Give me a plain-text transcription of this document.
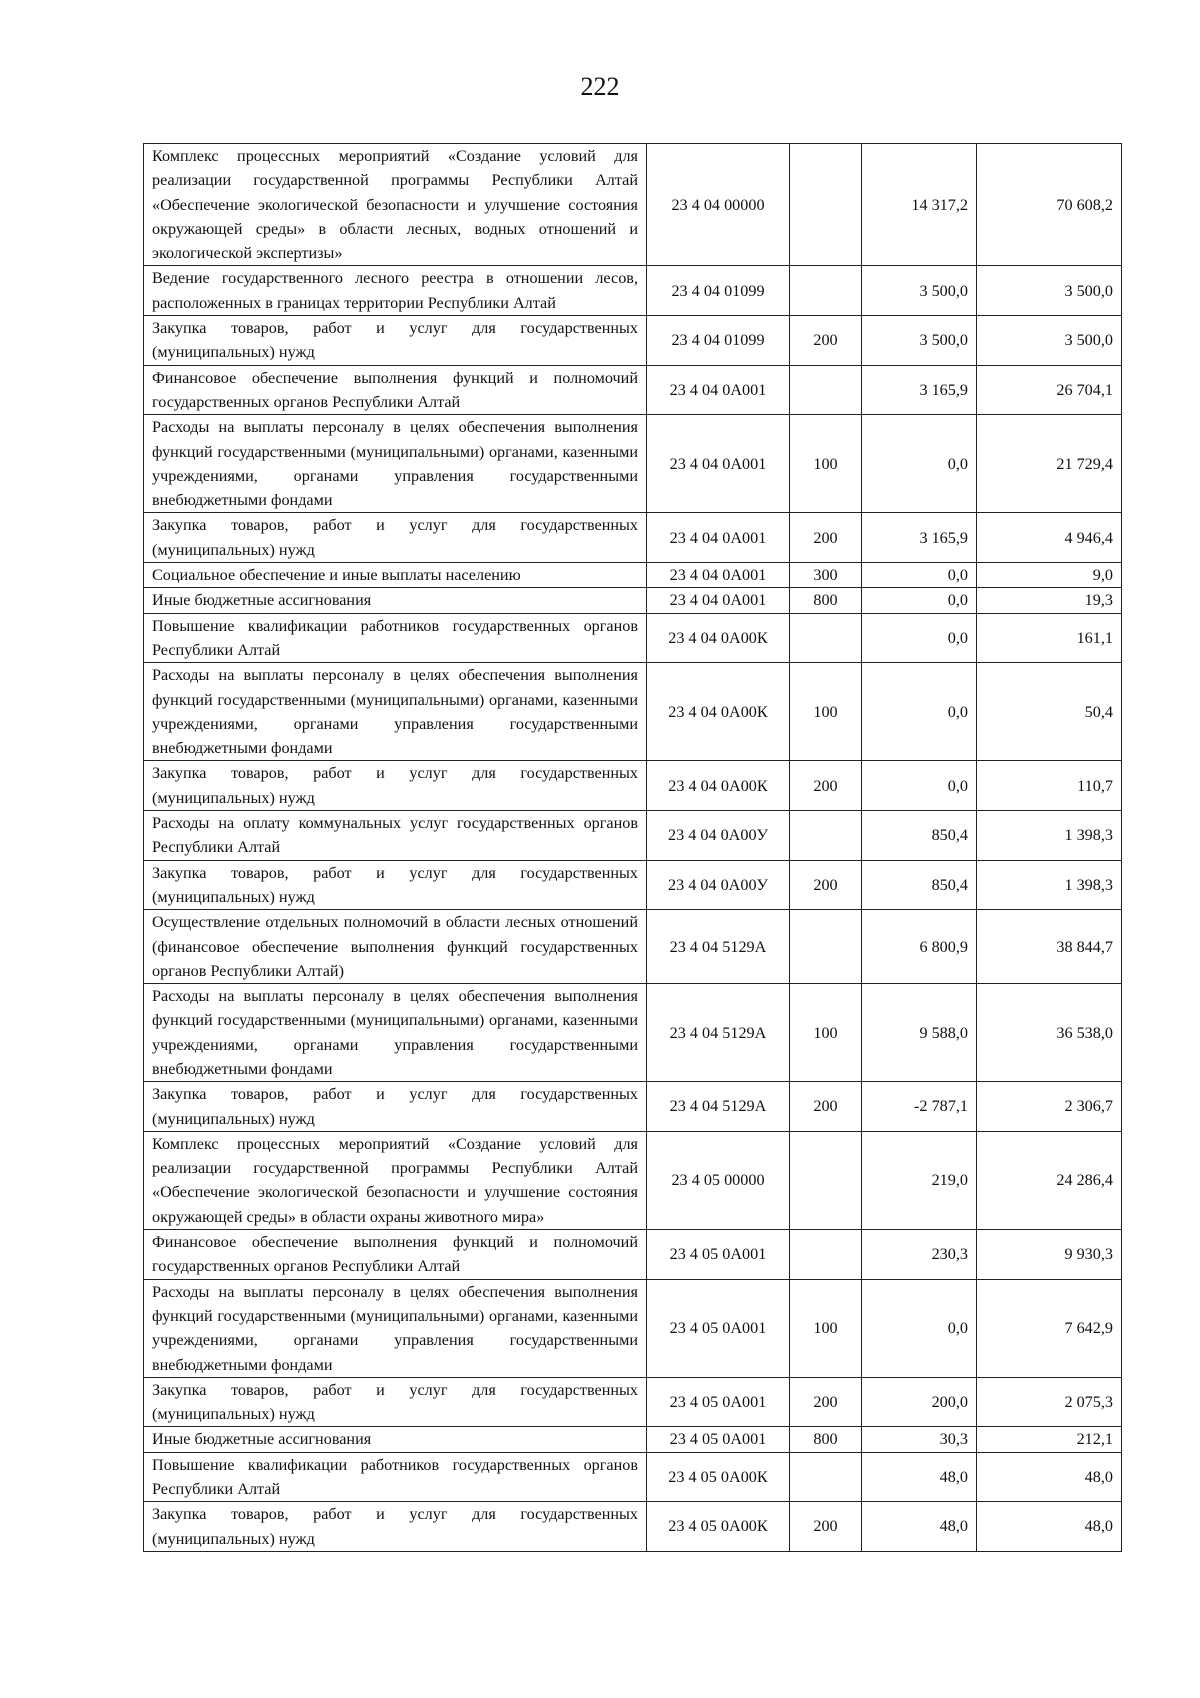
222
Комплекс процессных мероприятий «Создание условий для реализации государственной программы Республики Алтай «Обеспечение экологической безопасности и улучшение состояния окружающей среды» в области лесных, водных отношений и экологической экспертизы»	23 4 04 00000		14 317,2	70 608,2
Ведение государственного лесного реестра в отношении лесов, расположенных в границах территории Республики Алтай	23 4 04 01099		3 500,0	3 500,0
Закупка товаров, работ и услуг для государственных (муниципальных) нужд	23 4 04 01099	200	3 500,0	3 500,0
Финансовое обеспечение выполнения функций и полномочий государственных органов Республики Алтай	23 4 04 0А001		3 165,9	26 704,1
Расходы на выплаты персоналу в целях обеспечения выполнения функций государственными (муниципальными) органами, казенными учреждениями, органами управления государственными внебюджетными фондами	23 4 04 0А001	100	0,0	21 729,4
Закупка товаров, работ и услуг для государственных (муниципальных) нужд	23 4 04 0А001	200	3 165,9	4 946,4
Социальное обеспечение и иные выплаты населению	23 4 04 0А001	300	0,0	9,0
Иные бюджетные ассигнования	23 4 04 0А001	800	0,0	19,3
Повышение квалификации работников государственных органов Республики Алтай	23 4 04 0А00К		0,0	161,1
Расходы на выплаты персоналу в целях обеспечения выполнения функций государственными (муниципальными) органами, казенными учреждениями, органами управления государственными внебюджетными фондами	23 4 04 0А00К	100	0,0	50,4
Закупка товаров, работ и услуг для государственных (муниципальных) нужд	23 4 04 0А00К	200	0,0	110,7
Расходы на оплату коммунальных услуг государственных органов Республики Алтай	23 4 04 0А00У		850,4	1 398,3
Закупка товаров, работ и услуг для государственных (муниципальных) нужд	23 4 04 0А00У	200	850,4	1 398,3
Осуществление отдельных полномочий в области лесных отношений (финансовое обеспечение выполнения функций государственных органов Республики Алтай)	23 4 04 5129А		6 800,9	38 844,7
Расходы на выплаты персоналу в целях обеспечения выполнения функций государственными (муниципальными) органами, казенными учреждениями, органами управления государственными внебюджетными фондами	23 4 04 5129А	100	9 588,0	36 538,0
Закупка товаров, работ и услуг для государственных (муниципальных) нужд	23 4 04 5129А	200	-2 787,1	2 306,7
Комплекс процессных мероприятий «Создание условий для реализации государственной программы Республики Алтай «Обеспечение экологической безопасности и улучшение состояния окружающей среды» в области охраны животного мира»	23 4 05 00000		219,0	24 286,4
Финансовое обеспечение выполнения функций и полномочий государственных органов Республики Алтай	23 4 05 0А001		230,3	9 930,3
Расходы на выплаты персоналу в целях обеспечения выполнения функций государственными (муниципальными) органами, казенными учреждениями, органами управления государственными внебюджетными фондами	23 4 05 0А001	100	0,0	7 642,9
Закупка товаров, работ и услуг для государственных (муниципальных) нужд	23 4 05 0А001	200	200,0	2 075,3
Иные бюджетные ассигнования	23 4 05 0А001	800	30,3	212,1
Повышение квалификации работников государственных органов Республики Алтай	23 4 05 0А00К		48,0	48,0
Закупка товаров, работ и услуг для государственных (муниципальных) нужд	23 4 05 0А00К	200	48,0	48,0
